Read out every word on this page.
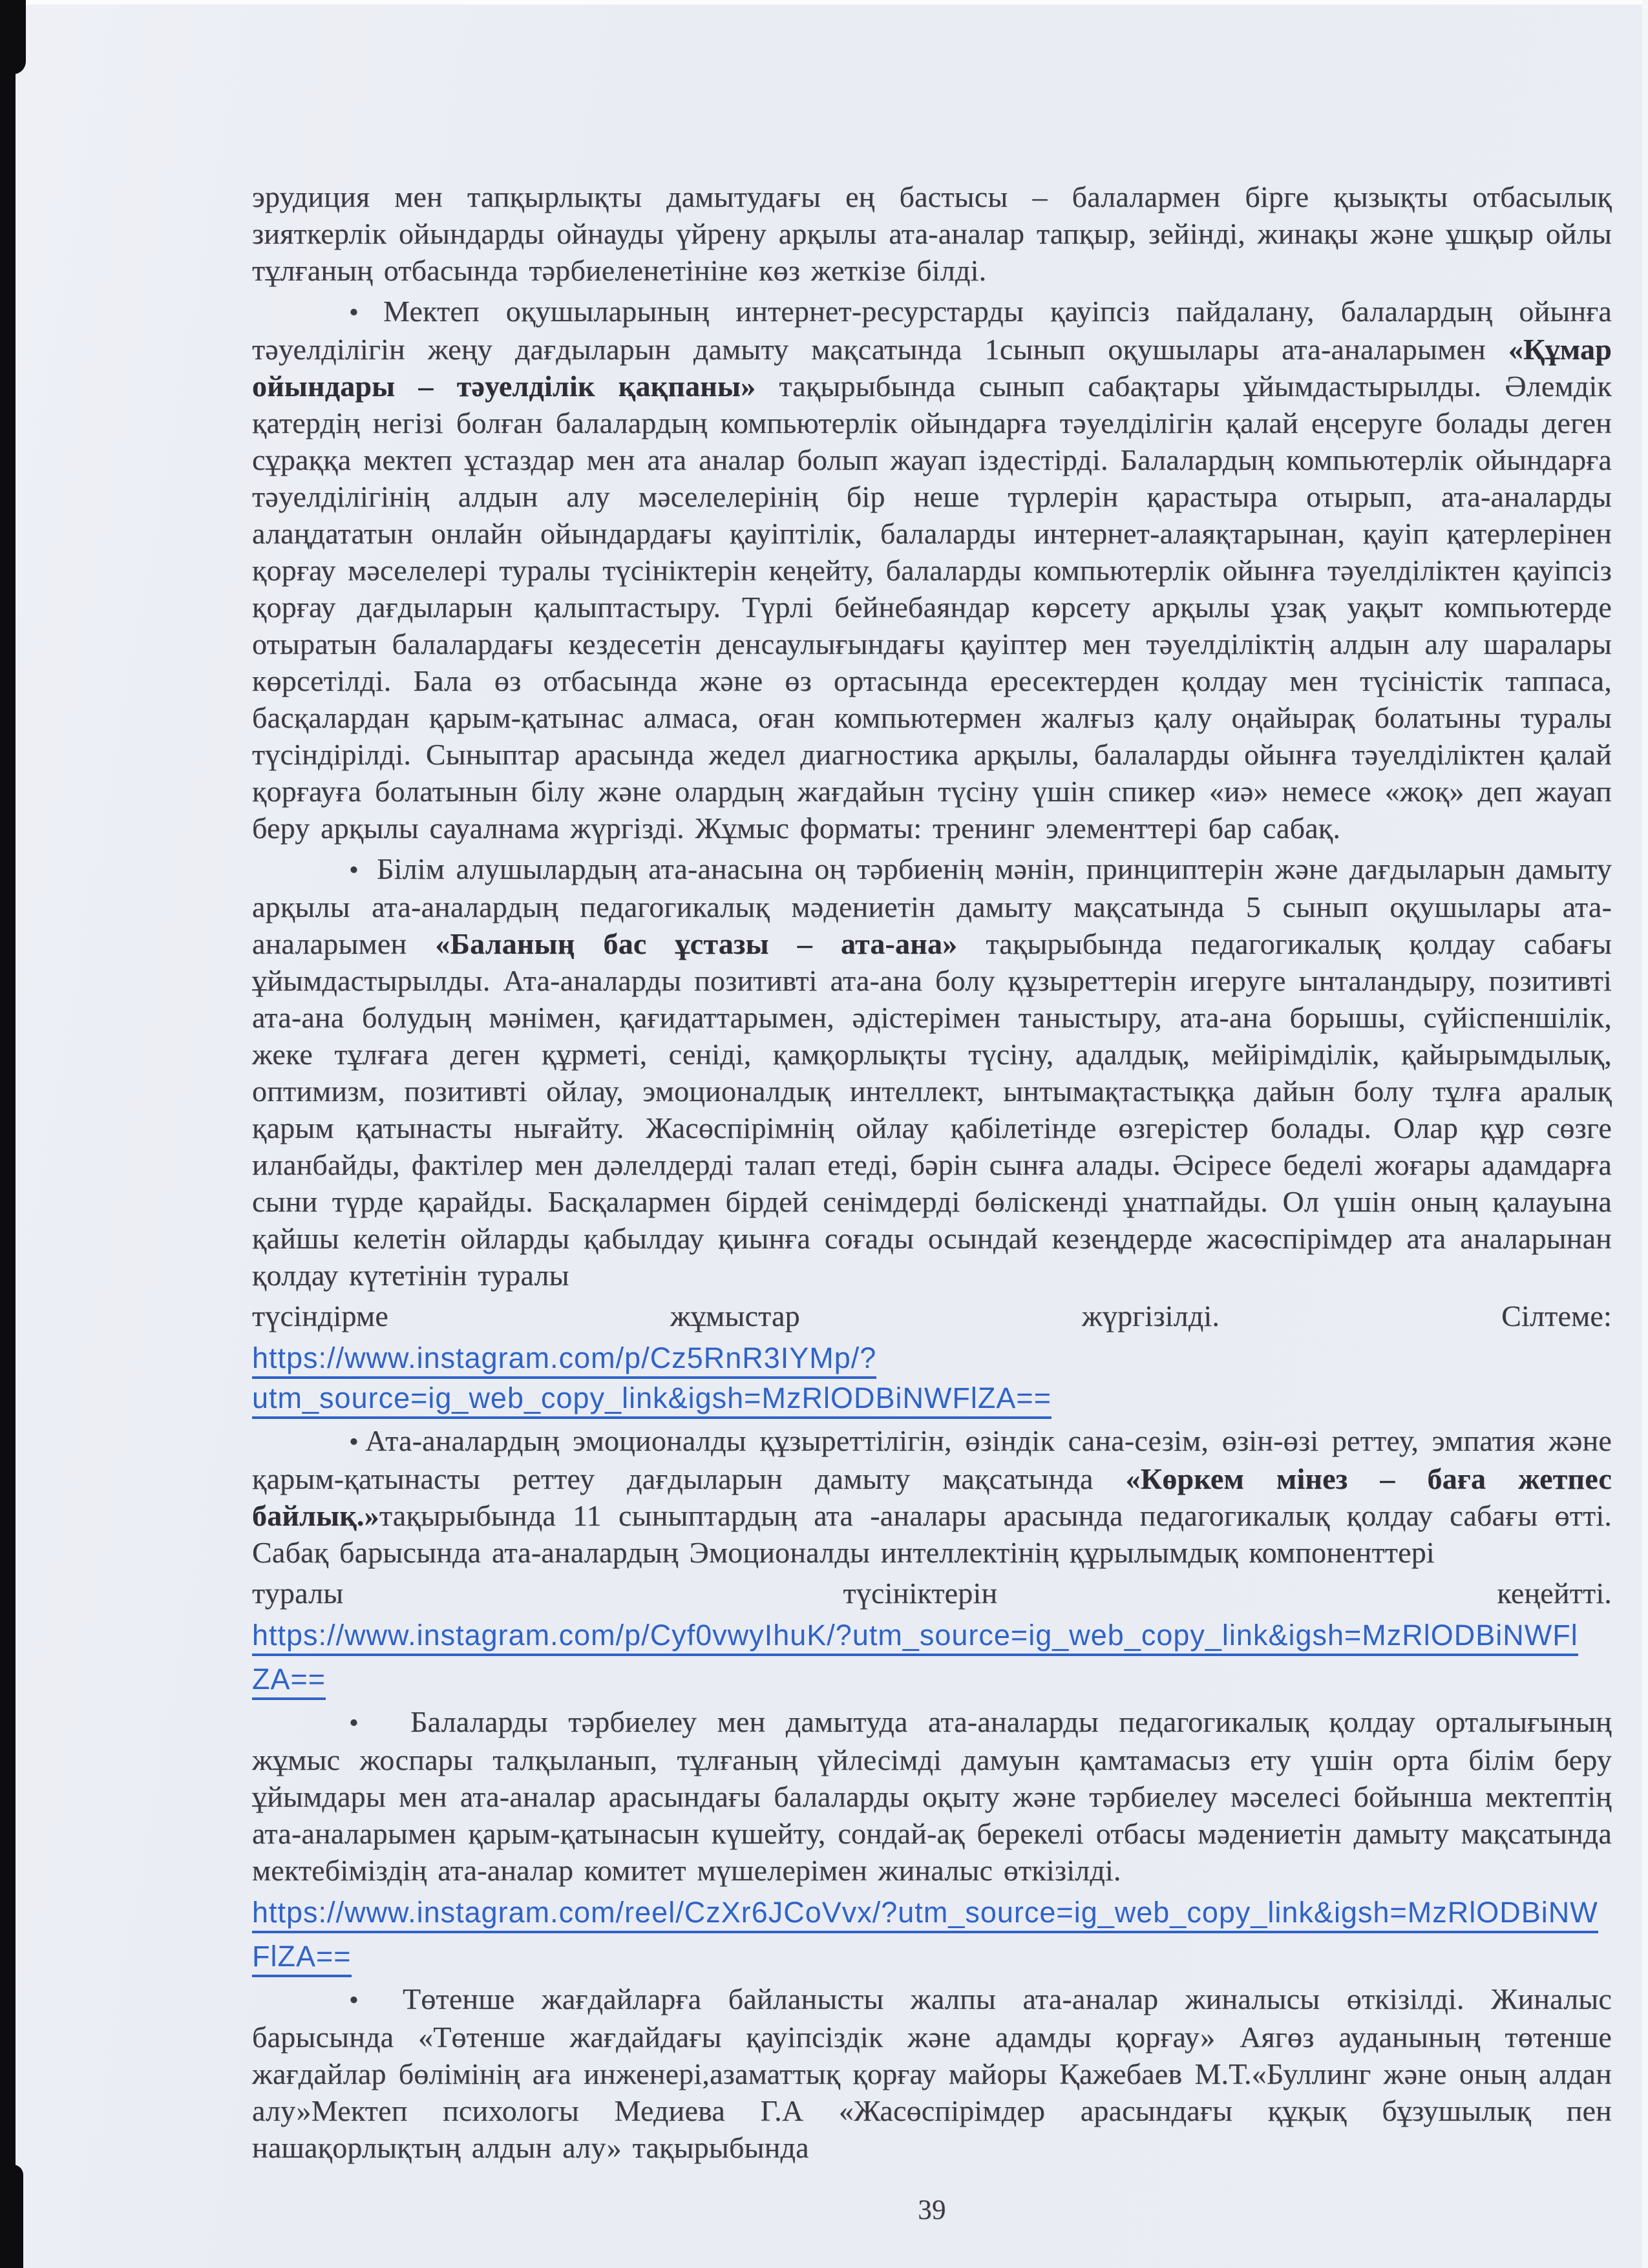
эрудиция мен тапқырлықты дамытудағы ең бастысы – балалармен бірге қызықты отбасылық зияткерлік ойындарды ойнауды үйрену арқылы ата-аналар тапқыр, зейінді, жинақы және ұшқыр ойлы тұлғаның отбасында тәрбиеленетініне көз жеткізе білді.

• Мектеп оқушыларының интернет-ресурстарды қауіпсіз пайдалану, балалардың ойынға тәуелділігін жеңу дағдыларын дамыту мақсатында 1сынып оқушылары ата-аналарымен «Құмар ойындары – тәуелділік қақпаны» тақырыбында сынып сабақтары ұйымдастырылды. Әлемдік қатердің негізі болған балалардың компьютерлік ойындарға тәуелділігін қалай еңсеруге болады деген сұраққа мектеп ұстаздар мен ата аналар болып жауап іздестірді. Балалардың компьютерлік ойындарға тәуелділігінің алдын алу мәселелерінің бір неше түрлерін қарастыра отырып, ата-аналарды алаңдататын онлайн ойындардағы қауіптілік, балаларды интернет-алаяқтарынан, қауіп қатерлерінен қорғау мәселелері туралы түсініктерін кеңейту, балаларды компьютерлік ойынға тәуелділіктен қауіпсіз қорғау дағдыларын қалыптастыру. Түрлі бейнебаяндар көрсету арқылы ұзақ уақыт компьютерде отыратын балалардағы кездесетін денсаулығындағы қауіптер мен тәуелділіктің алдын алу шаралары көрсетілді. Бала өз отбасында және өз ортасында ересектерден қолдау мен түсіністік таппаса, басқалардан қарым-қатынас алмаса, оған компьютермен жалғыз қалу оңайырақ болатыны туралы түсіндірілді. Сыныптар арасында жедел диагностика арқылы, балаларды ойынға тәуелділіктен қалай қорғауға болатынын білу және олардың жағдайын түсіну үшін спикер «иә» немесе «жоқ» деп жауап беру арқылы сауалнама жүргізді. Жұмыс форматы: тренинг элементтері бар сабақ.

• Білім алушылардың ата-анасына оң тәрбиенің мәнін, принциптерін және дағдыларын дамыту арқылы ата-аналардың педагогикалық мәдениетін дамыту мақсатында 5 сынып оқушылары ата-аналарымен «Баланың бас ұстазы – ата-ана» тақырыбында педагогикалық қолдау сабағы ұйымдастырылды. Ата-аналарды позитивті ата-ана болу құзыреттерін игеруге ынталандыру, позитивті ата-ана болудың мәнімен, қағидаттарымен, әдістерімен таныстыру, ата-ана борышы, сүйіспеншілік, жеке тұлғаға деген құрметі, сеніді, қамқорлықты түсіну, адалдық, мейірімділік, қайырымдылық, оптимизм, позитивті ойлау, эмоционалдық интеллект, ынтымақтастыққа дайын болу тұлға аралық қарым қатынасты нығайту. Жасөспірімнің ойлау қабілетінде өзгерістер болады. Олар құр сөзге иланбайды, фактілер мен дәлелдерді талап етеді, бәрін сынға алады. Әсіресе беделі жоғары адамдарға сыни түрде қарайды. Басқалармен бірдей сенімдерді бөліскенді ұнатпайды. Ол үшін оның қалауына қайшы келетін ойларды қабылдау қиынға соғады осындай кезеңдерде жасөспірімдер ата аналарынан қолдау күтетінін туралы

түсіндірме жұмыстар жүргізілді. Сілтеме:
https://www.instagram.com/p/Cz5RnR3IYMp/?utm_source=ig_web_copy_link&igsh=MzRlODBiNWFlZA==

• Ата-аналардың эмоционалды құзыреттілігін, өзіндік сана-сезім, өзін-өзі реттеу, эмпатия және қарым-қатынасты реттеу дағдыларын дамыту мақсатында «Көркем мінез – баға жетпес байлық.»тақырыбында 11 сыныптардың ата -аналары арасында педагогикалық қолдау сабағы өтті. Сабақ барысында ата-аналардың Эмоционалды интеллектінің құрылымдық компоненттері

туралы түсініктерін кеңейтті.
https://www.instagram.com/p/Cyf0vwyIhuK/?utm_source=ig_web_copy_link&igsh=MzRlODBiNWFl
ZA==

• Балаларды тәрбиелеу мен дамытуда ата-аналарды педагогикалық қолдау орталығының жұмыс жоспары талқыланып, тұлғаның үйлесімді дамуын қамтамасыз ету үшін орта білім беру ұйымдары мен ата-аналар арасындағы балаларды оқыту және тәрбиелеу мәселесі бойынша мектептің ата-аналарымен қарым-қатынасын күшейту, сондай-ақ берекелі отбасы мәдениетін дамыту мақсатында мектебіміздің ата-аналар комитет мүшелерімен жиналыс өткізілді.

https://www.instagram.com/reel/CzXr6JCoVvx/?utm_source=ig_web_copy_link&igsh=MzRlODBiNW
FlZA==

• Төтенше жағдайларға байланысты жалпы ата-аналар жиналысы өткізілді. Жиналыс барысында «Төтенше жағдайдағы қауіпсіздік және адамды қорғау» Аягөз ауданының төтенше жағдайлар бөлімінің аға инженері,азаматтық қорғау майоры Қажебаев М.Т.«Буллинг және оның алдан алу»Мектеп психологы Медиева Г.А «Жасөспірімдер арасындағы құқық бұзушылық пен нашақорлықтың алдын алу» тақырыбында

39
